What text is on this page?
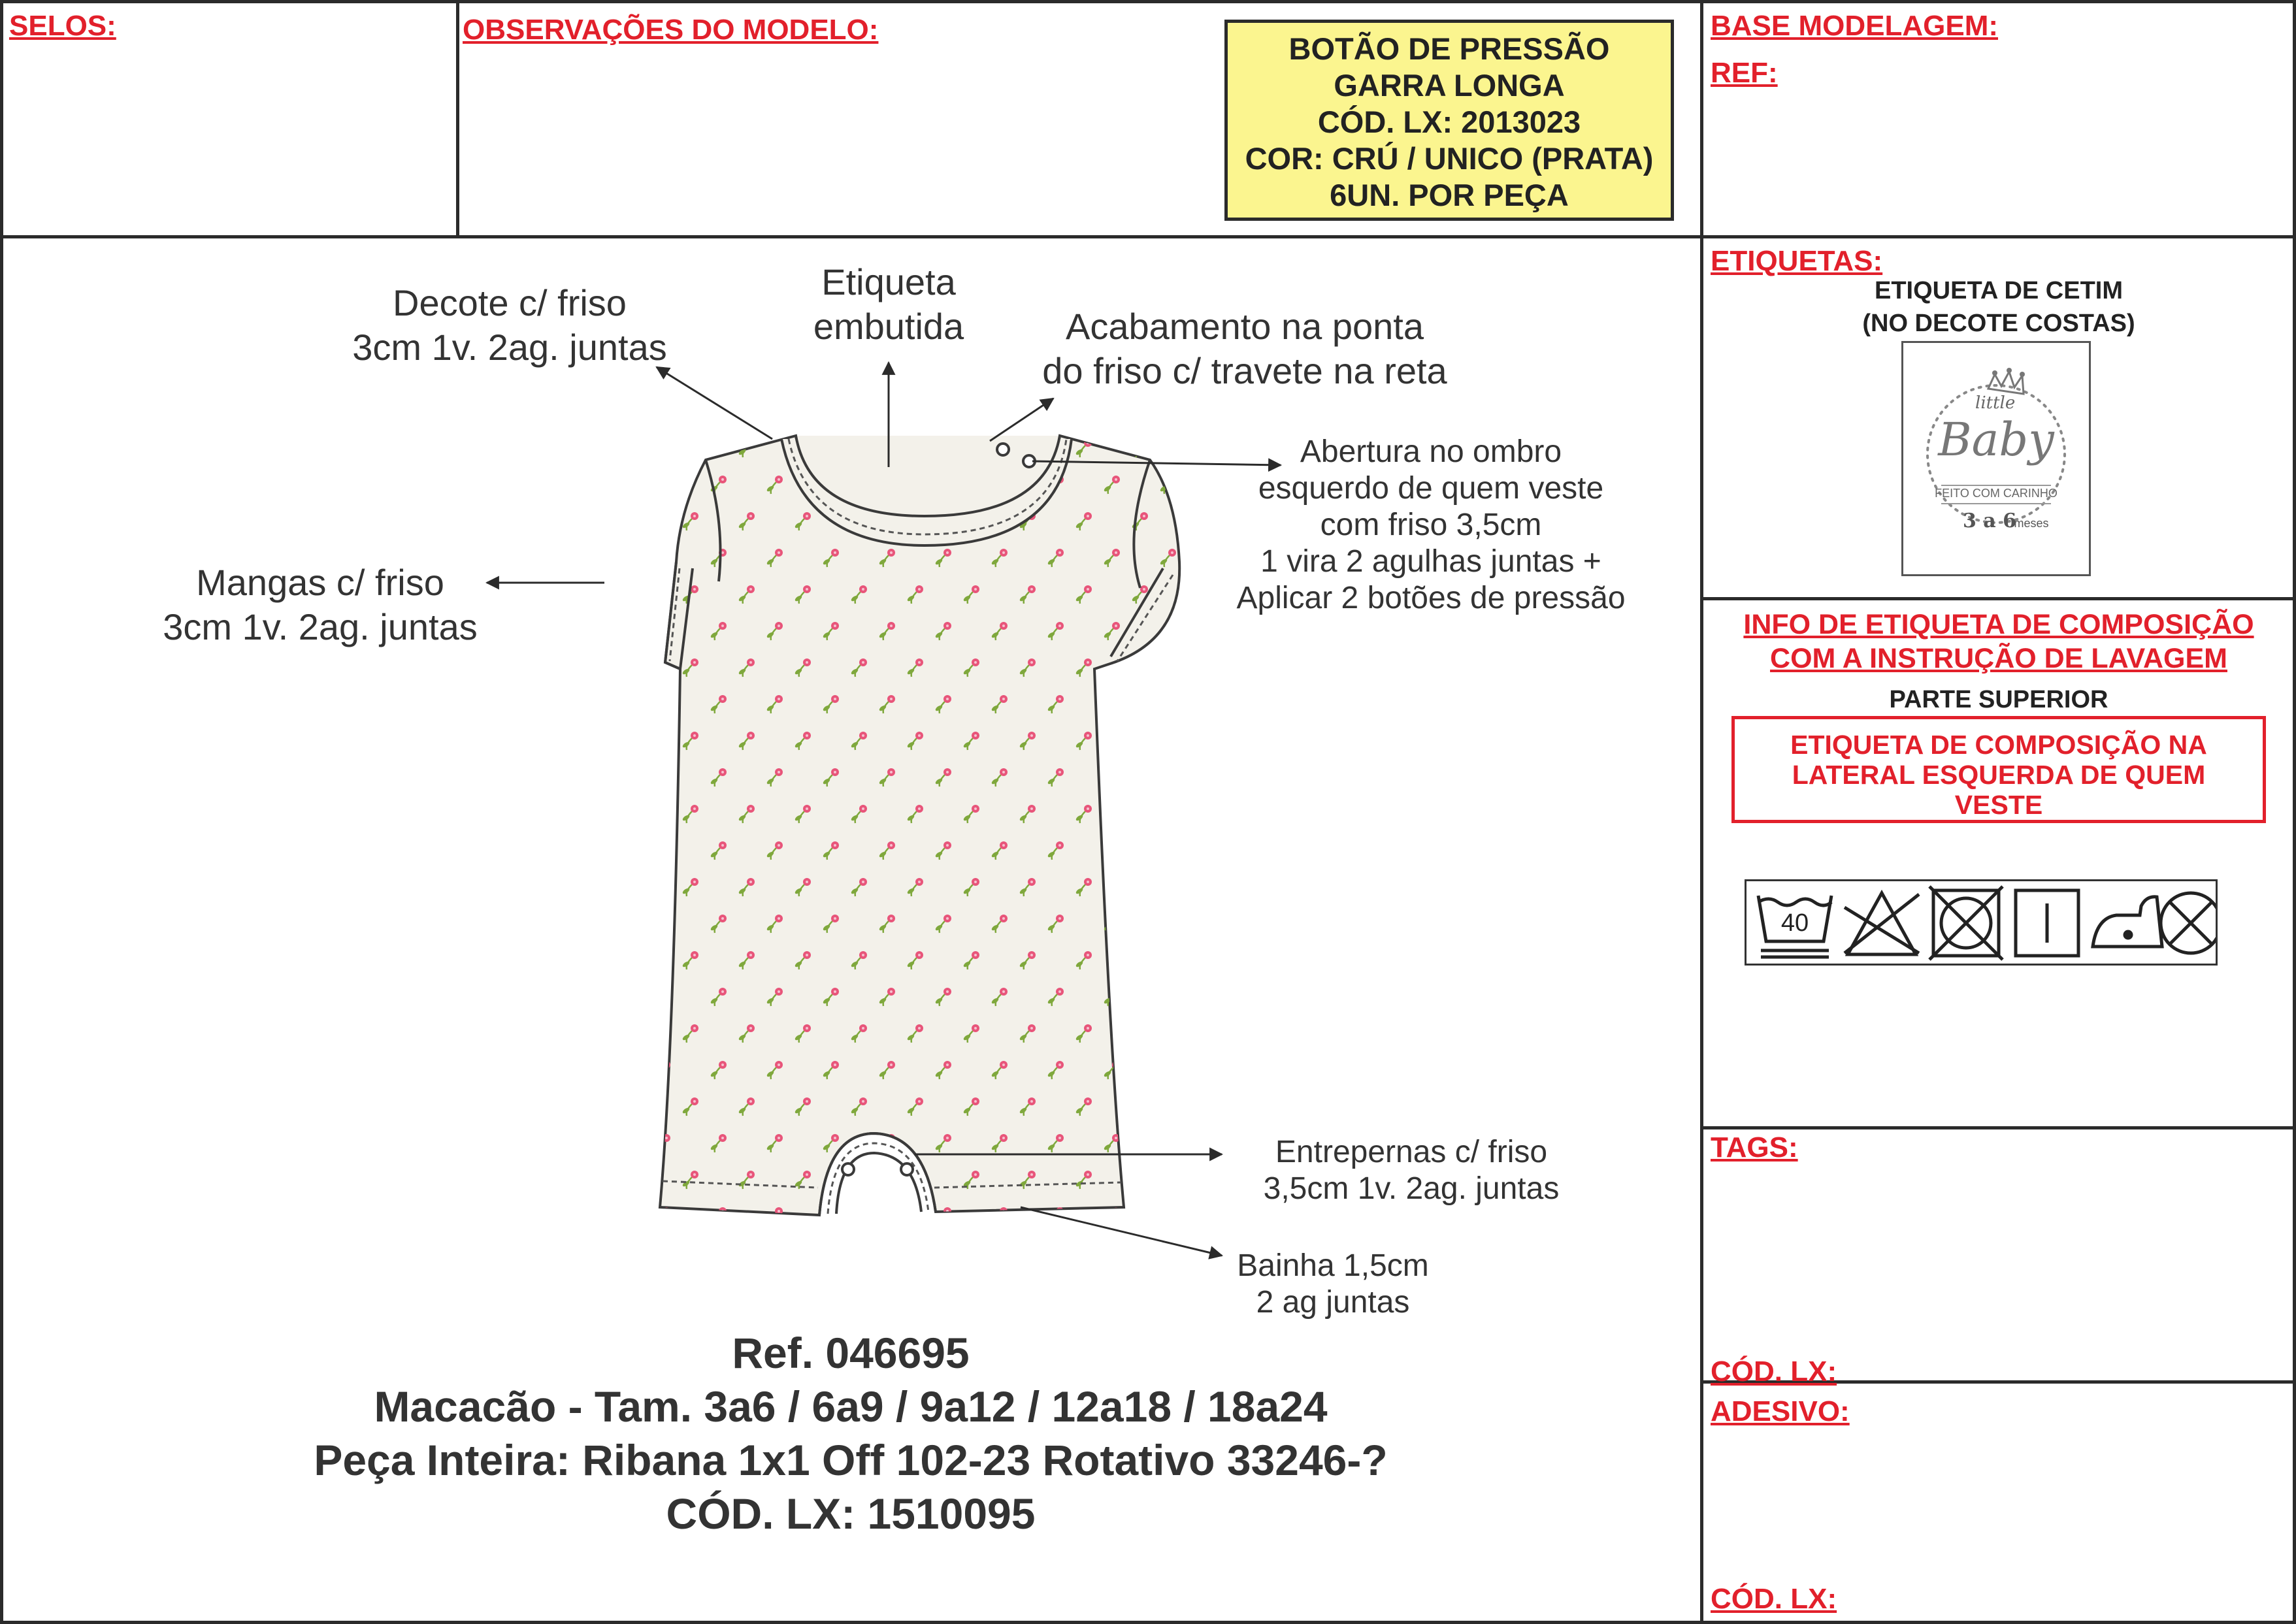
SELOS:	OBSERVAÇÕES DO MODELO:
BOTÃO DE PRESSÃO
GARRA LONGA
CÓD. LX: 2013023
COR: CRÚ / UNICO (PRATA)
6UN. POR PEÇA
BASE MODELAGEM:
REF:
Decote c/ friso
3cm 1v. 2ag. juntas
Etiqueta
embutida	Acabamento na ponta
do friso c/ travete na reta
Abertura no ombro
esquerdo de quem veste
com friso 3,5cm
1 vira 2 agulhas juntas +
Aplicar 2 botões de pressão
Mangas c/ friso
3cm 1v. 2ag. juntas
Entrepernas c/ friso
3,5cm 1v. 2ag. juntas
Bainha 1,5cm
2 ag juntas
Ref. 046695
Macacão - Tam. 3a6 / 6a9 / 9a12 / 12a18 / 18a24
Peça Inteira: Ribana 1x1 Off 102-23 Rotativo 33246-?
CÓD. LX: 1510095
ETIQUETAS:
ETIQUETA DE CETIM
(NO DECOTE COSTAS)
little
Baby
FEITO COM CARINHO
3 a 6
meses
INFO DE ETIQUETA DE COMPOSIÇÃO
COM A INSTRUÇÃO DE LAVAGEM
PARTE SUPERIOR
ETIQUETA DE COMPOSIÇÃO NA
LATERAL ESQUERDA DE QUEM
VESTE
40
TAGS:
CÓD. LX:
ADESIVO:
CÓD. LX:
